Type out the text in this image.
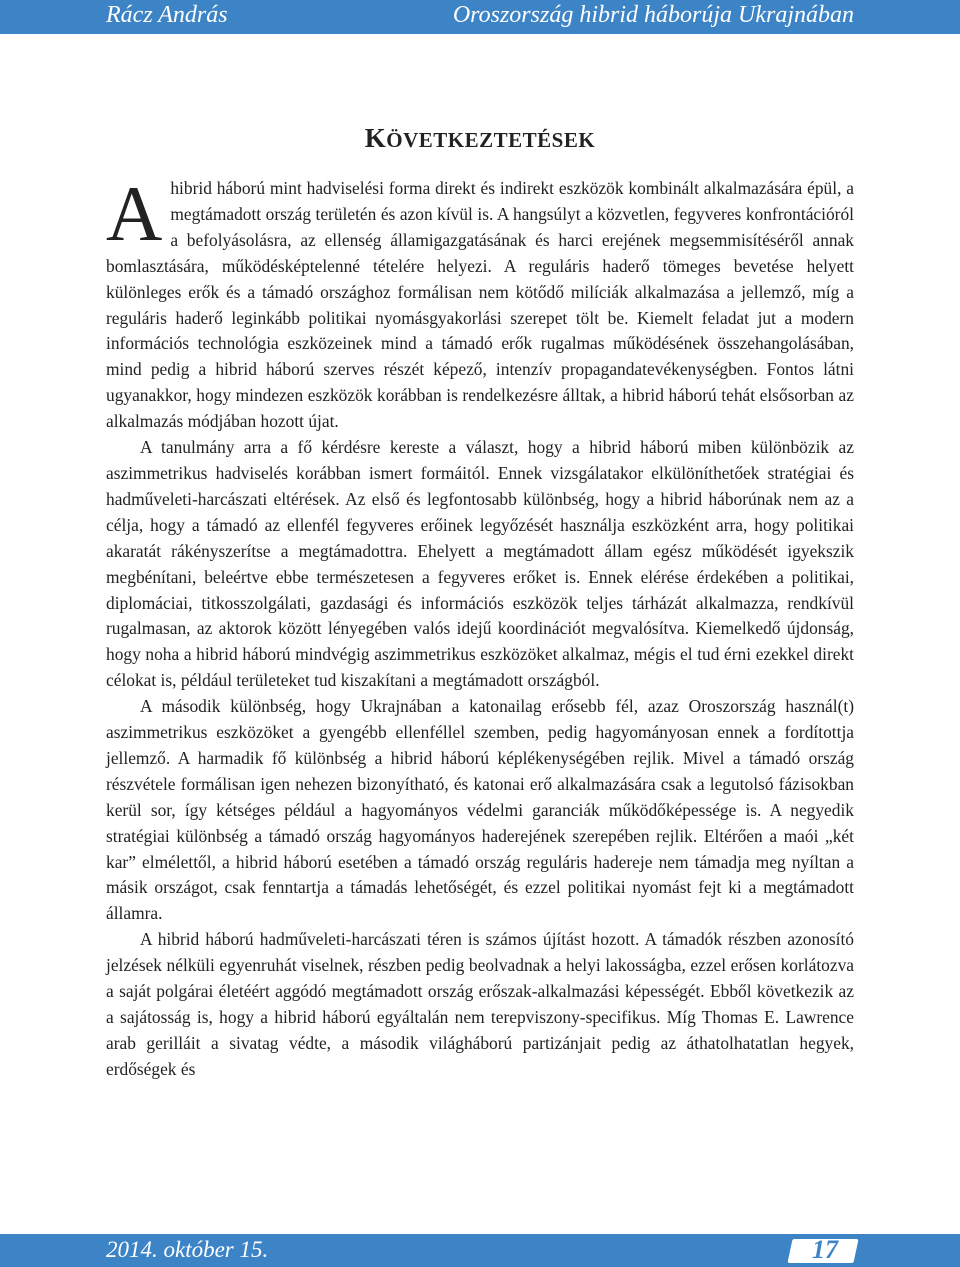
Rácz András	Oroszország hibrid háborúja Ukrajnában
KÖVETKEZTETÉSEK

Ahibrid háború mint hadviselési forma direkt és indirekt eszközök kombinált alkalmazására épül, a megtámadott ország területén és azon kívül is. A hangsúlyt a közvetlen, fegyveres konfrontációról a befolyásolásra, az ellenség államigazgatásának és harci erejének megsemmisítéséről annak bomlasztására, működésképtelenné tételére helyezi. A reguláris haderő tömeges bevetése helyett különleges erők és a támadó országhoz formálisan nem kötődő milíciák alkalmazása a jellemző, míg a reguláris haderő leginkább politikai nyomásgyakorlási szerepet tölt be. Kiemelt feladat jut a modern információs technológia eszközeinek mind a támadó erők rugalmas működésének összehangolásában, mind pedig a hibrid háború szerves részét képező, intenzív propagandatevékenységben. Fontos látni ugyanakkor, hogy mindezen eszközök korábban is rendelkezésre álltak, a hibrid háború tehát elsősorban az alkalmazás módjában hozott újat.

A tanulmány arra a fő kérdésre kereste a választ, hogy a hibrid háború miben különbözik az aszimmetrikus hadviselés korábban ismert formáitól. Ennek vizsgálatakor elkülöníthetőek stratégiai és hadműveleti-harcászati eltérések. Az első és legfontosabb különbség, hogy a hibrid háborúnak nem az a célja, hogy a támadó az ellenfél fegyveres erőinek legyőzését használja eszközként arra, hogy politikai akaratát rákényszerítse a megtámadottra. Ehelyett a megtámadott állam egész működését igyekszik megbénítani, beleértve ebbe természetesen a fegyveres erőket is. Ennek elérése érdekében a politikai, diplomáciai, titkosszolgálati, gazdasági és információs eszközök teljes tárházát alkalmazza, rendkívül rugalmasan, az aktorok között lényegében valós idejű koordinációt megvalósítva. Kiemelkedő újdonság, hogy noha a hibrid háború mindvégig aszimmetrikus eszközöket alkalmaz, mégis el tud érni ezekkel direkt célokat is, például területeket tud kiszakítani a megtámadott országból.

A második különbség, hogy Ukrajnában a katonailag erősebb fél, azaz Oroszország használ(t) aszimmetrikus eszközöket a gyengébb ellenféllel szemben, pedig hagyományosan ennek a fordítottja jellemző. A harmadik fő különbség a hibrid háború képlékenységében rejlik. Mivel a támadó ország részvétele formálisan igen nehezen bizonyítható, és katonai erő alkalmazására csak a legutolsó fázisokban kerül sor, így kétséges például a hagyományos védelmi garanciák működőképessége is. A negyedik stratégiai különbség a támadó ország hagyományos haderejének szerepében rejlik. Eltérően a maói „két kar” elmélettől, a hibrid háború esetében a támadó ország reguláris hadereje nem támadja meg nyíltan a másik országot, csak fenntartja a támadás lehetőségét, és ezzel politikai nyomást fejt ki a megtámadott államra.

A hibrid háború hadműveleti-harcászati téren is számos újítást hozott. A támadók részben azonosító jelzések nélküli egyenruhát viselnek, részben pedig beolvadnak a helyi lakosságba, ezzel erősen korlátozva a saját polgárai életéért aggódó megtámadott ország erőszak-alkalmazási képességét. Ebből következik az a sajátosság is, hogy a hibrid háború egyáltalán nem terepviszony-specifikus. Míg Thomas E. Lawrence arab gerilláit a sivatag védte, a második világháború partizánjait pedig az áthatolhatatlan hegyek, erdőségek és

2014. október 15.	17
